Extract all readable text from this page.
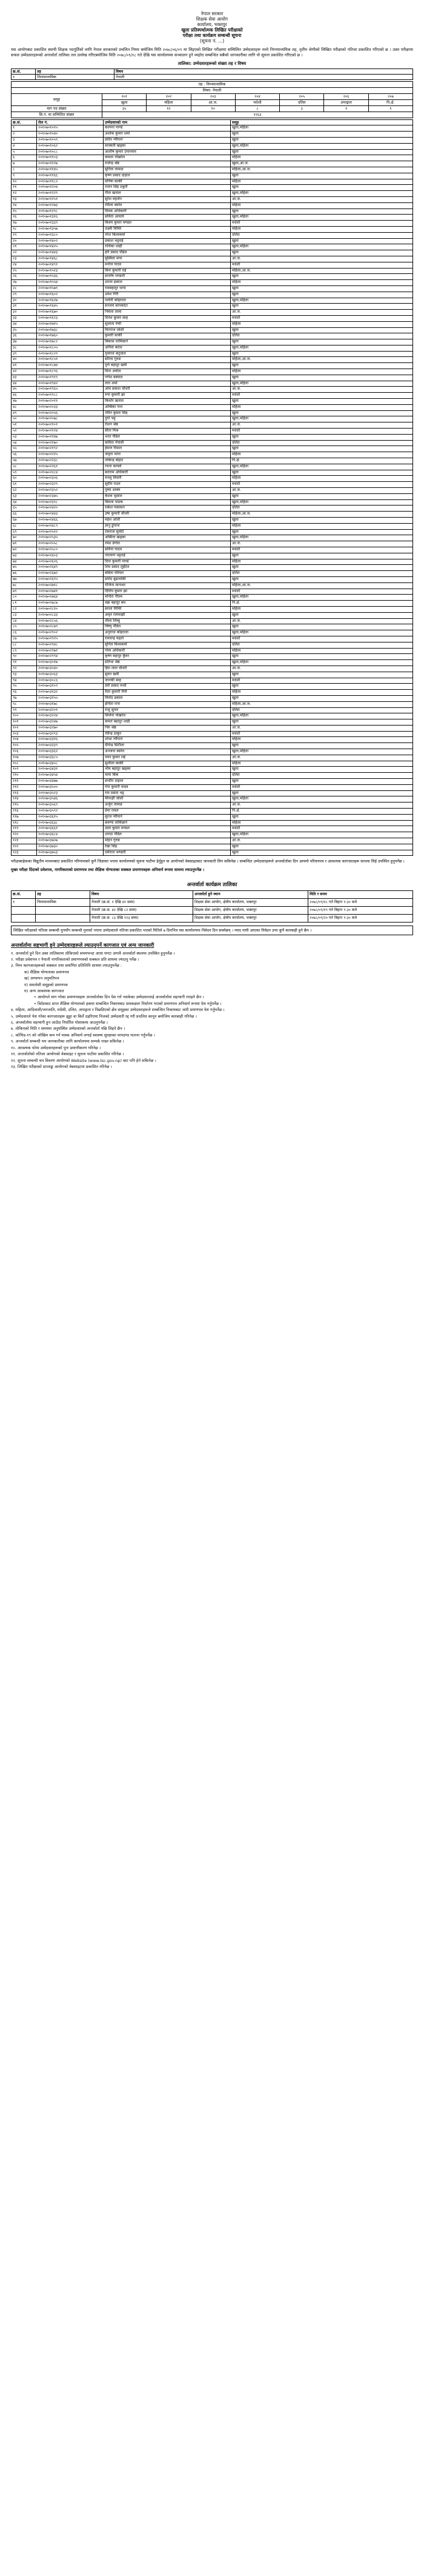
नेपाल सरकार
शिक्षक सेवा आयोग
कार्यालय, भक्तपुर
खुला प्रतिस्पर्धात्मक लिखित परीक्षाको
परीक्षा तथा कार्यक्रम सम्बन्धी सूचना
(सूचना नं. ...)
यस आयोगबाट प्रकाशित स्थायी शिक्षक पदपूर्तिको लागि नेपाल सरकारको प्रचलित नियम बमोजिम मिति २०७८/०६/०९ मा लिइएको लिखित परीक्षामा सम्मिलित उम्मेदवारहरू मध्ये निम्नमाध्यमिक तह, तृतीय श्रेणीको लिखित परीक्षाको नतिजा प्रकाशित गरिएको छ । उक्त परीक्षामा सफल उम्मेदवारहरूको अन्तर्वार्ता तालिका तल उल्लेख गरिएबमोजिम मिति २०७८/०९/१८ गते देखि यस कार्यालयमा सञ्चालन हुने व्यहोरा सम्बन्धित सबैको जानकारीका लागि यो सूचना प्रकाशित गरिएको छ ।
तालिका: उम्मेदवारहरूको संख्या तह र विषय
क्र.सं.	तह	विषय
१	निम्नमाध्यमिक	नेपाली
तह : निम्नमाध्यमिक							
विषय: नेपाली							
समूह	२०१	२०२	२०३	२०४	२०५	२०६	२०७
	खुला	महिला	आ.ज.	मधेशी	दलित	अपाङ्गता	पि.क्षे.
माग पद संख्या	३५	१२	१०	८	३	१	१
सि.नं. मा सम्मिलित संख्या	१२६३						
क्र.सं.	रोल नं.	उम्मेदवारको नाम	समूह
१	२०१०७०१०१५	कल्पना पाण्डे	खुला,महिला
२	२०१०७०१०४०	अशोक कुमार शर्मा	खुला
३	२०१०७०१०५९	प्रदिप न्यौपाने	खुला
४	२०१०७०१०६२	सरस्वती खड्का	खुला,महिला
५	२०१०७०१०८८	आशीष कुमार उपाध्याय	खुला
६	२०१०७०११०३	कमला पोखरेल	महिला
७	२०१०७०११२७	राजेन्द्र श्रेष्ठ	खुला,आ.ज.
८	२०१०७०११४५	सुनिता तामाङ	महिला,आ.ज.
९	२०१०७०११६६	कृष्ण प्रसाद दाहाल	खुला
१०	२०१०७०११८२	मनिषा कार्की	महिला
११	२०१०७०१२०४	राजन सिंह ठकुरी	खुला
१२	२०१०७०१२२९	गीता खनाल	खुला,महिला
१३	२०१०७०१२५१	सुरेश महर्जन	आ.ज.
१४	२०१०७०१२७३	रमिला बस्नेत	महिला
१५	२०१०७०१२९८	दिपक अधिकारी	खुला
१६	२०१०७०१३१६	सविता आचार्य	खुला,महिला
१७	२०१०७०१३३९	बिजय कुमार मण्डल	मधेशी
१८	२०१०७०१३५७	लक्ष्मी घिमिरे	महिला
१९	२०१०७०१३८०	नरेश बिश्वकर्मा	दलित
२०	२०१०७०१४०२	प्रकाश भट्टराई	खुला
२१	२०१०७०१४२५	राधिका शाही	खुला,महिला
२२	२०१०७०१४४३	हरि प्रसाद पौडेल	खुला
२३	२०१०७०१४६८	सुस्मिता मगर	आ.ज.
२४	२०१०७०१४९१	मनोज यादव	मधेशी
२५	२०१०७०१५१३	बिना कुमारी राई	महिला,आ.ज.
२६	२०१०७०१५३६	सन्तोष भण्डारी	खुला
२७	२०१०७०१५५४	शान्ता ढकाल	महिला
२८	२०१०७०१५७९	रामबहादुर थापा	खुला
२९	२०१०७०१६०२	उमेश गिरी	खुला
३०	२०१०७०१६२७	पार्वती कोइराला	खुला,महिला
३१	२०१०७०१६४५	सञ्जय सापकोटा	खुला
३२	२०१०७०१६७०	निर्मला लामा	आ.ज.
३३	२०१०७०१६९३	दिनेश कुमार साह	मधेशी
३४	२०१०७०१७१५	सुजाता रेग्मी	महिला
३५	२०१०७०१७३८	मिनराज जोशी	खुला
३६	२०१०७०१७६०	कुमारी सार्की	दलित
३७	२०१०७०१७८२	बिकास लामिछाने	खुला
३८	२०१०७०१८०५	अनिता बराल	खुला,महिला
३९	२०१०७०१८२९	युवराज कटुवाल	खुला
४०	२०१०७०१८५१	सरिता गुरुङ	महिला,आ.ज.
४१	२०१०७०१८७४	पूर्ण बहादुर खत्री	खुला
४२	२०१०७०१८९६	मिना अर्याल	महिला
४३	२०१०७०१९१९	गणेश बस्याल	खुला
४४	२०१०७०१९४२	तारा शर्मा	खुला,महिला
४५	२०१०७०१९६५	ओम प्रकाश चौधरी	आ.ज.
४६	२०१०७०१९८८	रुपा कुमारी झा	मधेशी
४७	२०१०७०२०११	किशोर खनाल	खुला
४८	२०१०७०२०३३	अम्बिका पन्त	महिला
४९	२०१०७०२०५६	नविन कुमार सिंह	खुला
५०	२०१०७०२०७८	दुर्गा भट्ट	खुला,महिला
५१	२०१०७०२१०१	रोशन श्रेष्ठ	आ.ज.
५२	२०१०७०२१२४	सीता मिश्र	मधेशी
५३	२०१०७०२१४७	भरत पौडेल	खुला
५४	२०१०७०२१७०	कविता नेपाली	दलित
५५	२०१०७०२१९२	हेमन्त रिमाल	खुला
५६	२०१०७०२२१५	जमुना थापा	महिला
५७	२०१०७०२२३८	लोकेन्द्र बोहरा	पि.क्षे.
५८	२०१०७०२२६१	रचना काफ्ले	खुला,महिला
५९	२०१०७०२२८४	बलराम अधिकारी	खुला
६०	२०१०७०२३०६	मञ्जु तिवारी	महिला
६१	२०१०७०२३२९	सुदीप राउत	मधेशी
६२	२०१०७०२३५२	पुष्पा शाक्य	आ.ज.
६३	२०१०७०२३७५	केशव भुसाल	खुला
६४	२०१०७०२३९८	बिमला पाठक	खुला,महिला
६५	२०१०७०२४२०	राकेश पासवान	दलित
६६	२०१०७०२४४३	उषा कुमारी चौधरी	महिला,आ.ज.
६७	२०१०७०२४६६	महेश ओली	खुला
६८	२०१०७०२४८९	ज्ञानु ढुंगाना	महिला
६९	२०१०७०२५१२	टेकराज सुवेदी	खुला
७०	२०१०७०२५३५	अस्मिता खड्का	खुला,महिला
७१	२०१०७०२५५८	रमेश डंगोल	आ.ज.
७२	२०१०७०२५८०	सविना यादव	मधेशी
७३	२०१०७०२६०३	नारायण भट्टराई	खुला
७४	२०१०७०२६२६	दिपा कुमारी पाण्डे	महिला
७५	२०१०७०२६४९	शिव प्रसाद लुइँटेल	खुला
७६	२०१०७०२६७२	बबिता परियार	दलित
७७	२०१०७०२६९५	प्रमोद बुढाथोकी	खुला
७८	२०१०७०२७१८	रोजिना मानन्धर	महिला,आ.ज.
७९	२०१०७०२७४१	दिलिप कुमार झा	मधेशी
८०	२०१०७०२७६४	मन्दिरा गौतम	खुला,महिला
८१	२०१०७०२७८७	चक्र बहादुर बम	पि.क्षे.
८२	२०१०७०२८१०	सरला घिमिरे	महिला
८३	२०१०७०२८३३	अमृत रायमाझी	खुला
८४	२०१०७०२८५६	लीला लिम्बु	आ.ज.
८५	२०१०७०२८७९	विष्णु पौडेल	खुला
८६	२०१०७०२९०२	अनुराधा कोइराला	खुला,महिला
८७	२०१०७०२९२५	रामचन्द्र महतो	मधेशी
८८	२०१०७०२९४८	सुनिल विश्वकर्मा	दलित
८९	२०१०७०२९७१	गोमा अधिकारी	महिला
९०	२०१०७०२९९४	कृष्ण बहादुर कुँवर	खुला
९१	२०१०७०३०१७	प्रतिभा श्रेष्ठ	खुला,महिला
९२	२०१०७०३०४०	हिरा लाल चौधरी	आ.ज.
९३	२०१०७०३०६३	सुमन खत्री	खुला
९४	२०१०७०३०८६	जानकी साह	मधेशी
९५	२०१०७०३१०९	देवी प्रसाद पन्थी	खुला
९६	२०१०७०३१३२	रीता कुमारी गिरी	महिला
९७	२०१०७०३१५५	विनोद ढकाल	खुला
९८	२०१०७०३१७८	इन्दिरा राना	महिला,आ.ज.
९९	२०१०७०३२०१	राजु सुनार	दलित
१००	२०१०७०३२२४	सिर्जना पोखरेल	खुला,महिला
१०१	२०१०७०३२४७	कमल बहादुर शाही	खुला
१०२	२०१०७०३२७०	निरु श्रेष्ठ	आ.ज.
१०३	२०१०७०३२९३	रविन्द्र ठाकुर	मधेशी
१०४	२०१०७०३३१६	शोभा न्यौपाने	महिला
१०५	२०१०७०३३३९	दीपेन्द्र सिटौला	खुला
१०६	२०१०७०३३६२	अञ्जना बस्नेत	खुला,महिला
१०७	२०१०७०३३८५	पवन कुमार राई	आ.ज.
१०८	२०१०७०३४०८	सुशीला कार्की	महिला
१०९	२०१०७०३४३१	भीम बहादुर खड्का	खुला
११०	२०१०७०३४५४	माया बिक	दलित
१११	२०१०७०३४७७	सन्दीप दाहाल	खुला
११२	२०१०७०३५००	गंगा कुमारी यादव	मधेशी
११३	२०१०७०३५२३	राम प्रसाद भट्ट	खुला
११४	२०१०७०३५४६	मीनाक्षी जोशी	खुला,महिला
११५	२०१०७०३५६९	अर्जुन तामाङ	आ.ज.
११६	२०१०७०३५९२	प्रेमा रावल	पि.क्षे.
११७	२०१०७०३६१५	सुरज न्यौपाने	खुला
११८	२०१०७०३६३८	करुणा लामिछाने	महिला
११९	२०१०७०३६६१	उदय कुमार मण्डल	मधेशी
१२०	२०१०७०३६८४	शारदा पौडेल	खुला,महिला
१२१	२०१०७०३७०७	मोहन गुरुङ	आ.ज.
१२२	२०१०७०३७३०	रेखा सिंह	खुला
१२३	२०१०७०३७५३	धर्मराज भण्डारी	खुला
परीक्षाबाहेकका विद्युतीय माध्यमबाट प्रकाशित परिणामबारे कुनै जिज्ञासा भएमा कार्यालयको सूचना पाटीमा हेर्नुहुन वा आयोगको वेबसाइटबाट जानकारी लिन सकिनेछ । सम्बन्धित उम्मेदवारहरूले अन्तर्वार्ताका दिन आफ्नो परिचयपत्र र आवश्यक कागजातहरू साथमा लिई उपस्थित हुनुपर्नेछ ।
मुख्य परीक्षा दिंदाको प्रवेशपत्र, नागरिकताको प्रमाणपत्र तथा शैक्षिक योग्यताका सक्कल प्रमाणपत्रहरू अनिवार्य रूपमा साथमा ल्याउनुपर्नेछ ।
अन्तर्वार्ता कार्यक्रम तालिका
क्र.सं.	तह	विषय	अन्तर्वार्ता हुने स्थान	मिति र समय
१	निम्नमाध्यमिक	नेपाली (क्र.सं. १ देखि ४१ सम्म)	शिक्षक सेवा आयोग, क्षेत्रीय कार्यालय, भक्तपुर	२०७८/०९/१८ गते बिहान ९:३० बजे
		नेपाली (क्र.सं. ४२ देखि ८२ सम्म)	शिक्षक सेवा आयोग, क्षेत्रीय कार्यालय, भक्तपुर	२०७८/०९/१९ गते बिहान ९:३० बजे
		नेपाली (क्र.सं. ८३ देखि १२३ सम्म)	शिक्षक सेवा आयोग, क्षेत्रीय कार्यालय, भक्तपुर	२०७८/०९/२० गते बिहान ९:३० बजे
लिखित परीक्षाको नतिजा सम्बन्धी पुनर्योग सम्बन्धी गुनासो भएमा उम्मेदवारले नतिजा प्रकाशित भएको मितिले ७ दिनभित्र यस कार्यालयमा निवेदन दिन सक्नेछन् । म्याद नाघी आएका निवेदन उपर कुनै कारबाही हुने छैन ।
अन्तर्वार्तामा सहभागी हुने उम्मेदवारहरूले ल्याउनुपर्ने कागजात एवं अन्य जानकारी
१. अन्तर्वार्ता हुने दिन उक्त तालिकामा तोकिएको समयभन्दा आधा घण्टा अगावै अन्तर्वार्ता स्थलमा उपस्थित हुनुपर्नेछ ।
२. परीक्षा प्रवेशपत्र र नेपाली नागरिकताको प्रमाणपत्रको सक्कल प्रति साथमा ल्याउनु पर्नेछ ।
३. निम्न कागजातहरूको सक्कल तथा प्रमाणित प्रतिलिपि साथमा ल्याउनुपर्नेछ :
क) शैक्षिक योग्यताका प्रमाणपत्र
ख) अध्यापन अनुमतिपत्र
ग) समावेशी समूहको प्रमाणपत्र
घ) अन्य आवश्यक कागजात
• आयोगले माग गरेका प्रमाणपत्रहरू अन्तर्वार्ताका दिन पेश गर्न नसकेका उम्मेदवारलाई अन्तर्वार्तामा सहभागी गराइने छैन ।
• विदेशबाट प्राप्त शैक्षिक योग्यताको हकमा सम्बन्धित निकायबाट समकक्षता निर्धारण भएको प्रमाणपत्र अनिवार्य रूपमा पेश गर्नुपर्नेछ ।
४. महिला, आदिवासी/जनजाति, मधेशी, दलित, अपाङ्गता र पिछडिएको क्षेत्र समूहका उम्मेदवारहरूले सम्बन्धित निकायबाट जारी प्रमाणपत्र पेश गर्नुपर्नेछ ।
५. उम्मेदवारले पेश गरेका कागजातहरू झुट्टा वा किर्ते ठहरिएमा निजको उम्मेदवारी रद्द गरी प्रचलित कानून बमोजिम कारबाही गरिनेछ ।
६. अन्तर्वार्तामा सहभागी हुन आउँदा निर्धारित पोशाकमा आउनुपर्नेछ ।
७. तोकिएको मिति र समयमा अनुपस्थित उम्मेदवारको अन्तर्वार्ता पछि लिइने छैन ।
८. कोभिड-१९ को जोखिम कम गर्न मास्क अनिवार्य लगाई स्वास्थ्य सुरक्षाका मापदण्ड पालना गर्नुपर्नेछ ।
९. अन्तर्वार्ता सम्बन्धी थप जानकारीका लागि कार्यालयमा सम्पर्क राख्न सकिनेछ ।
१०. आवश्यक परेमा उम्मेदवारहरूको पुनः प्रमाणीकरण गरिनेछ ।
११. अन्तर्वार्ताको नतिजा आयोगको वेबसाइट र सूचना पाटीमा प्रकाशित गरिनेछ ।
१२. सूचना सम्बन्धी थप विवरण आयोगको Website (www.tsc.gov.np) बाट पनि हेर्न सकिनेछ ।
१३. लिखित परीक्षाको प्राप्ताङ्क आयोगको वेबसाइटमा प्रकाशित गरिनेछ ।
